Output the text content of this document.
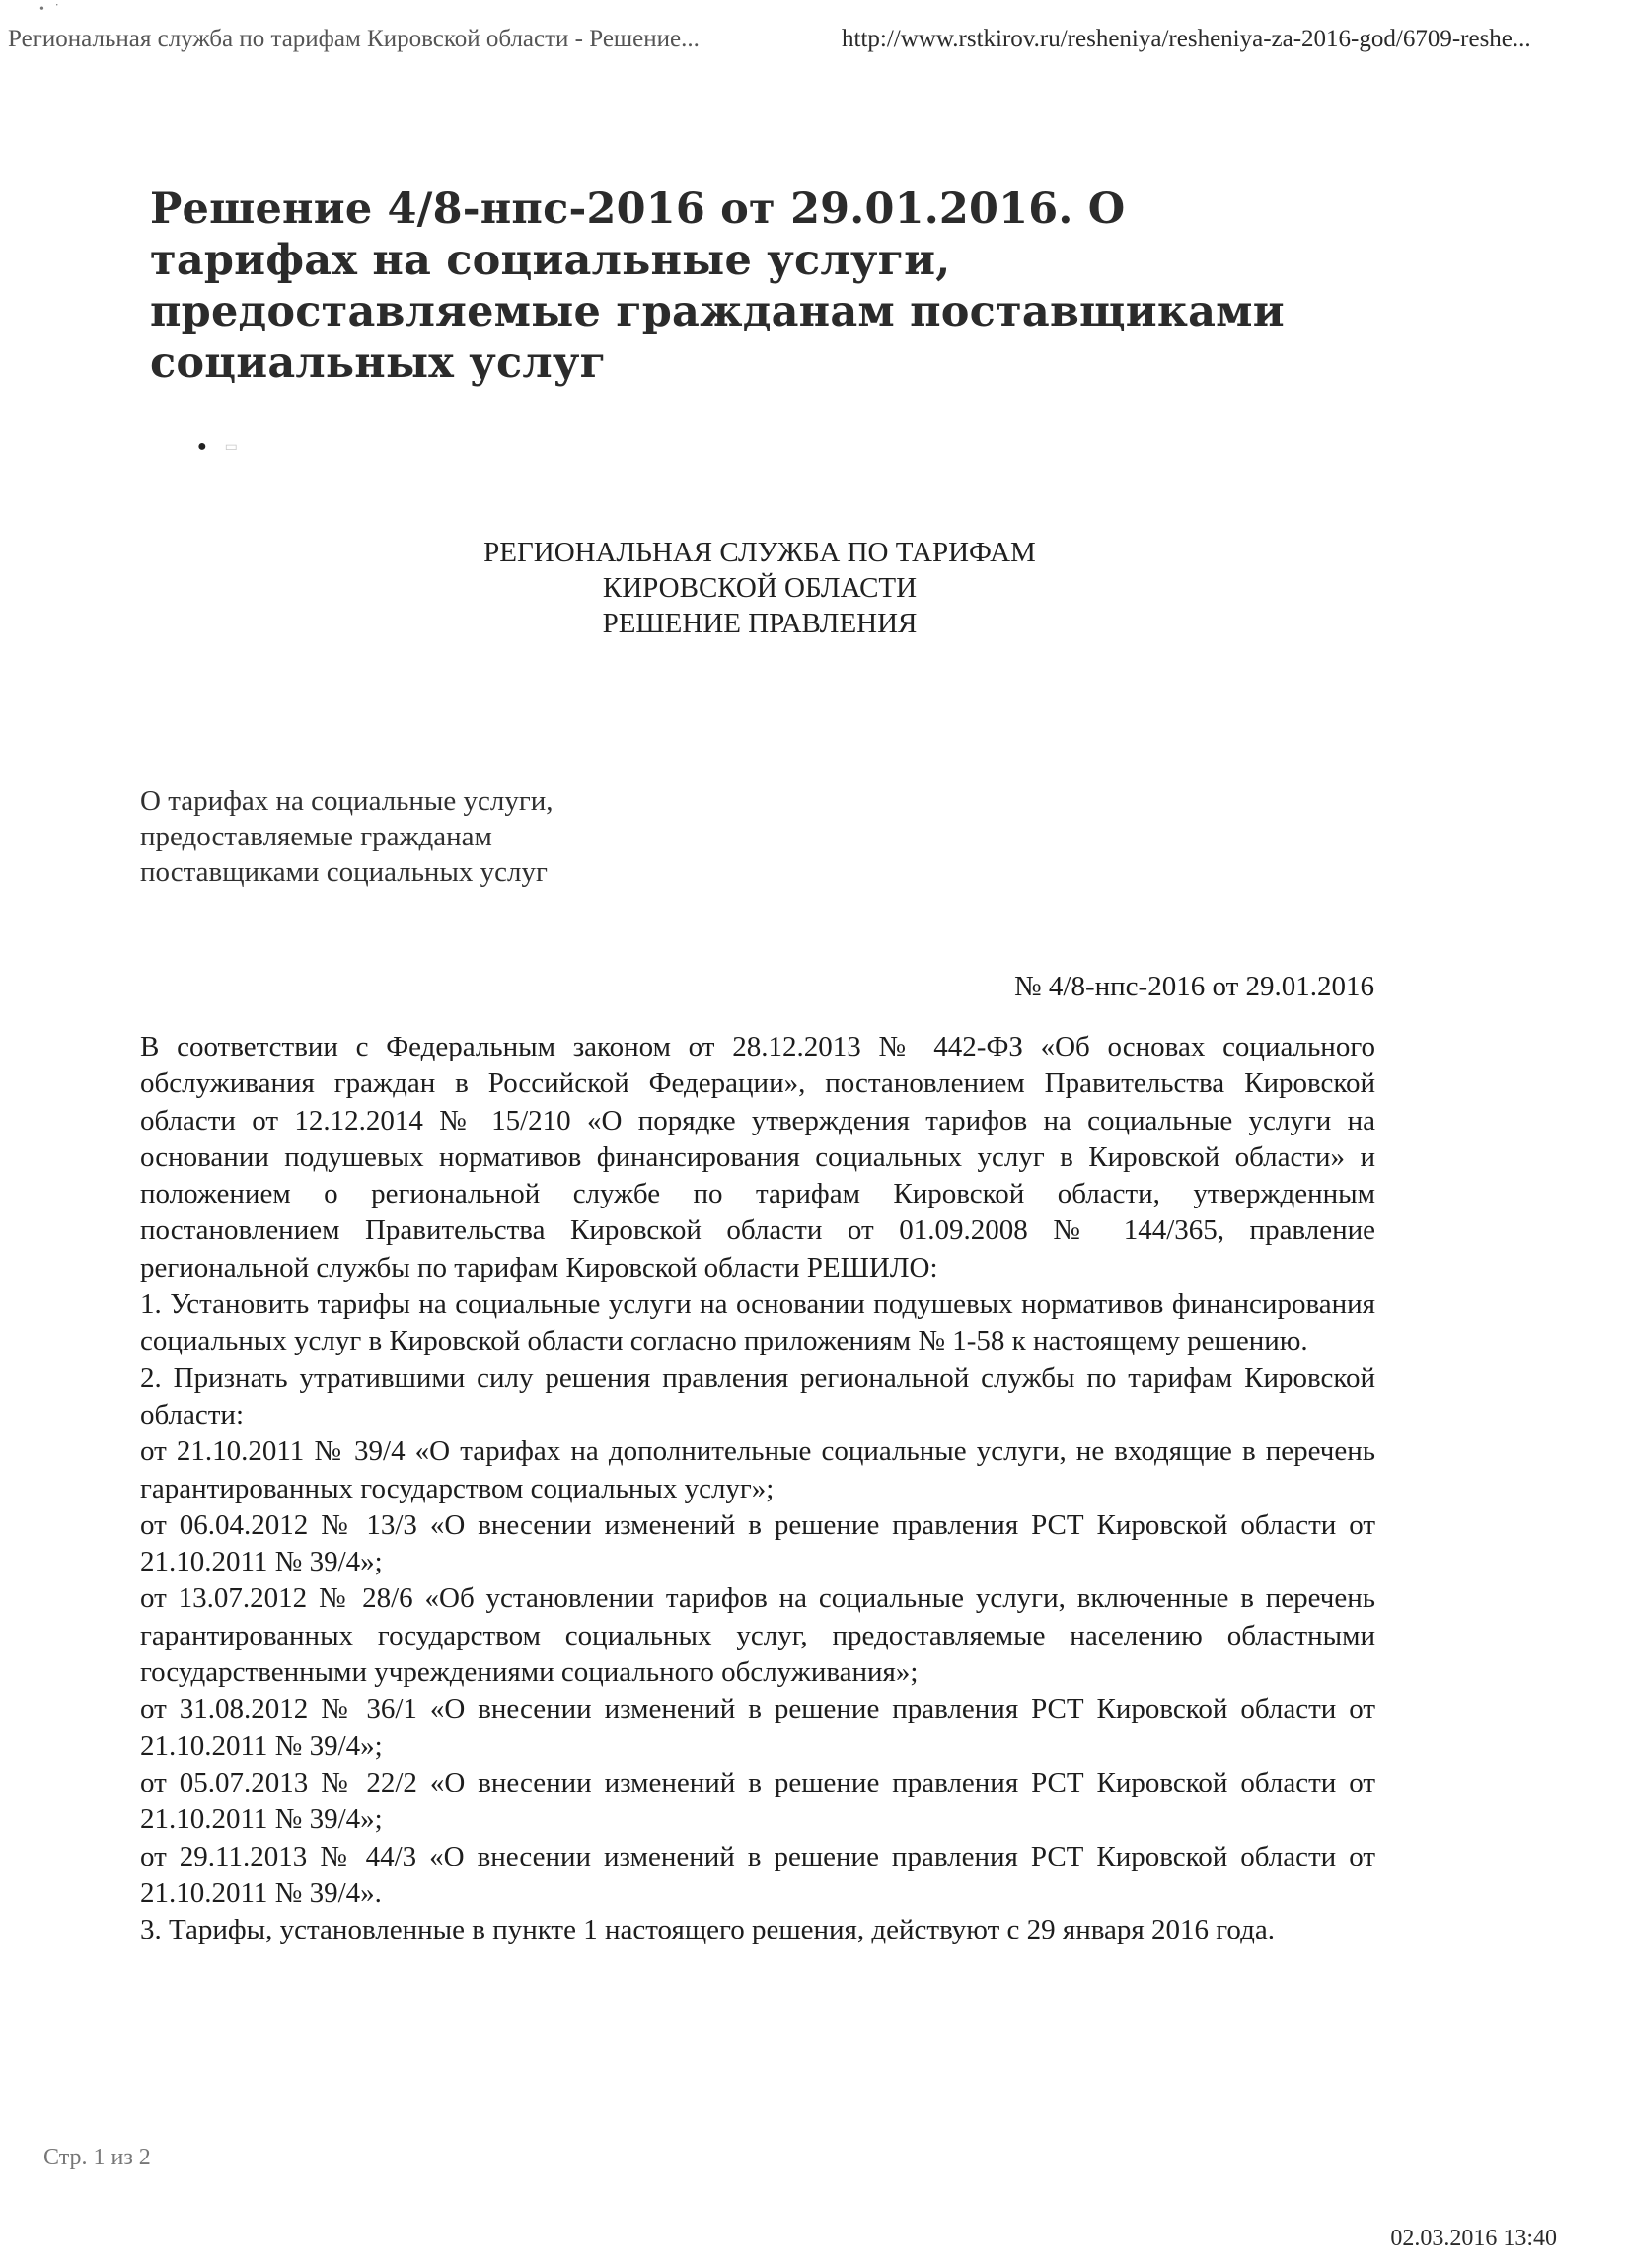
•   ˙
Региональная служба по тарифам Кировской области - Решение...	http://www.rstkirov.ru/resheniya/resheniya-za-2016-god/6709-reshe...
Решение 4/8-нпс-2016 от 29.01.2016. О тарифах на социальные услуги, предоставляемые гражданам поставщиками социальных услуг
● ▭
РЕГИОНАЛЬНАЯ СЛУЖБА ПО ТАРИФАМ
КИРОВСКОЙ ОБЛАСТИ
РЕШЕНИЕ ПРАВЛЕНИЯ
О тарифах на социальные услуги,
предоставляемые гражданам
поставщиками социальных услуг
№ 4/8-нпс-2016 от 29.01.2016

В соответствии с Федеральным законом от 28.12.2013 № 442-ФЗ «Об основах социального обслуживания граждан в Российской Федерации», постановлением Правительства Кировской области от 12.12.2014 № 15/210 «О порядке утверждения тарифов на социальные услуги на основании подушевых нормативов финансирования социальных услуг в Кировской области» и положением о региональной службе по тарифам Кировской области, утвержденным постановлением Правительства Кировской области от 01.09.2008 № 144/365, правление региональной службы по тарифам Кировской области РЕШИЛО:

1. Установить тарифы на социальные услуги на основании подушевых нормативов финансирования социальных услуг в Кировской области согласно приложениям № 1-58 к настоящему решению.

2. Признать утратившими силу решения правления региональной службы по тарифам Кировской области:

от 21.10.2011 № 39/4 «О тарифах на дополнительные социальные услуги, не входящие в перечень гарантированных государством социальных услуг»;

от 06.04.2012 № 13/3 «О внесении изменений в решение правления РСТ Кировской области от 21.10.2011 № 39/4»;

от 13.07.2012 № 28/6 «Об установлении тарифов на социальные услуги, включенные в перечень гарантированных государством социальных услуг, предоставляемые населению областными государственными учреждениями социального обслуживания»;

от 31.08.2012 № 36/1 «О внесении изменений в решение правления РСТ Кировской области от 21.10.2011 № 39/4»;

от 05.07.2013 № 22/2 «О внесении изменений в решение правления РСТ Кировской области от 21.10.2011 № 39/4»;

от 29.11.2013 № 44/3 «О внесении изменений в решение правления РСТ Кировской области от 21.10.2011 № 39/4».

3. Тарифы, установленные в пункте 1 настоящего решения, действуют с 29 января 2016 года.

Стр. 1 из 2
02.03.2016 13:40
